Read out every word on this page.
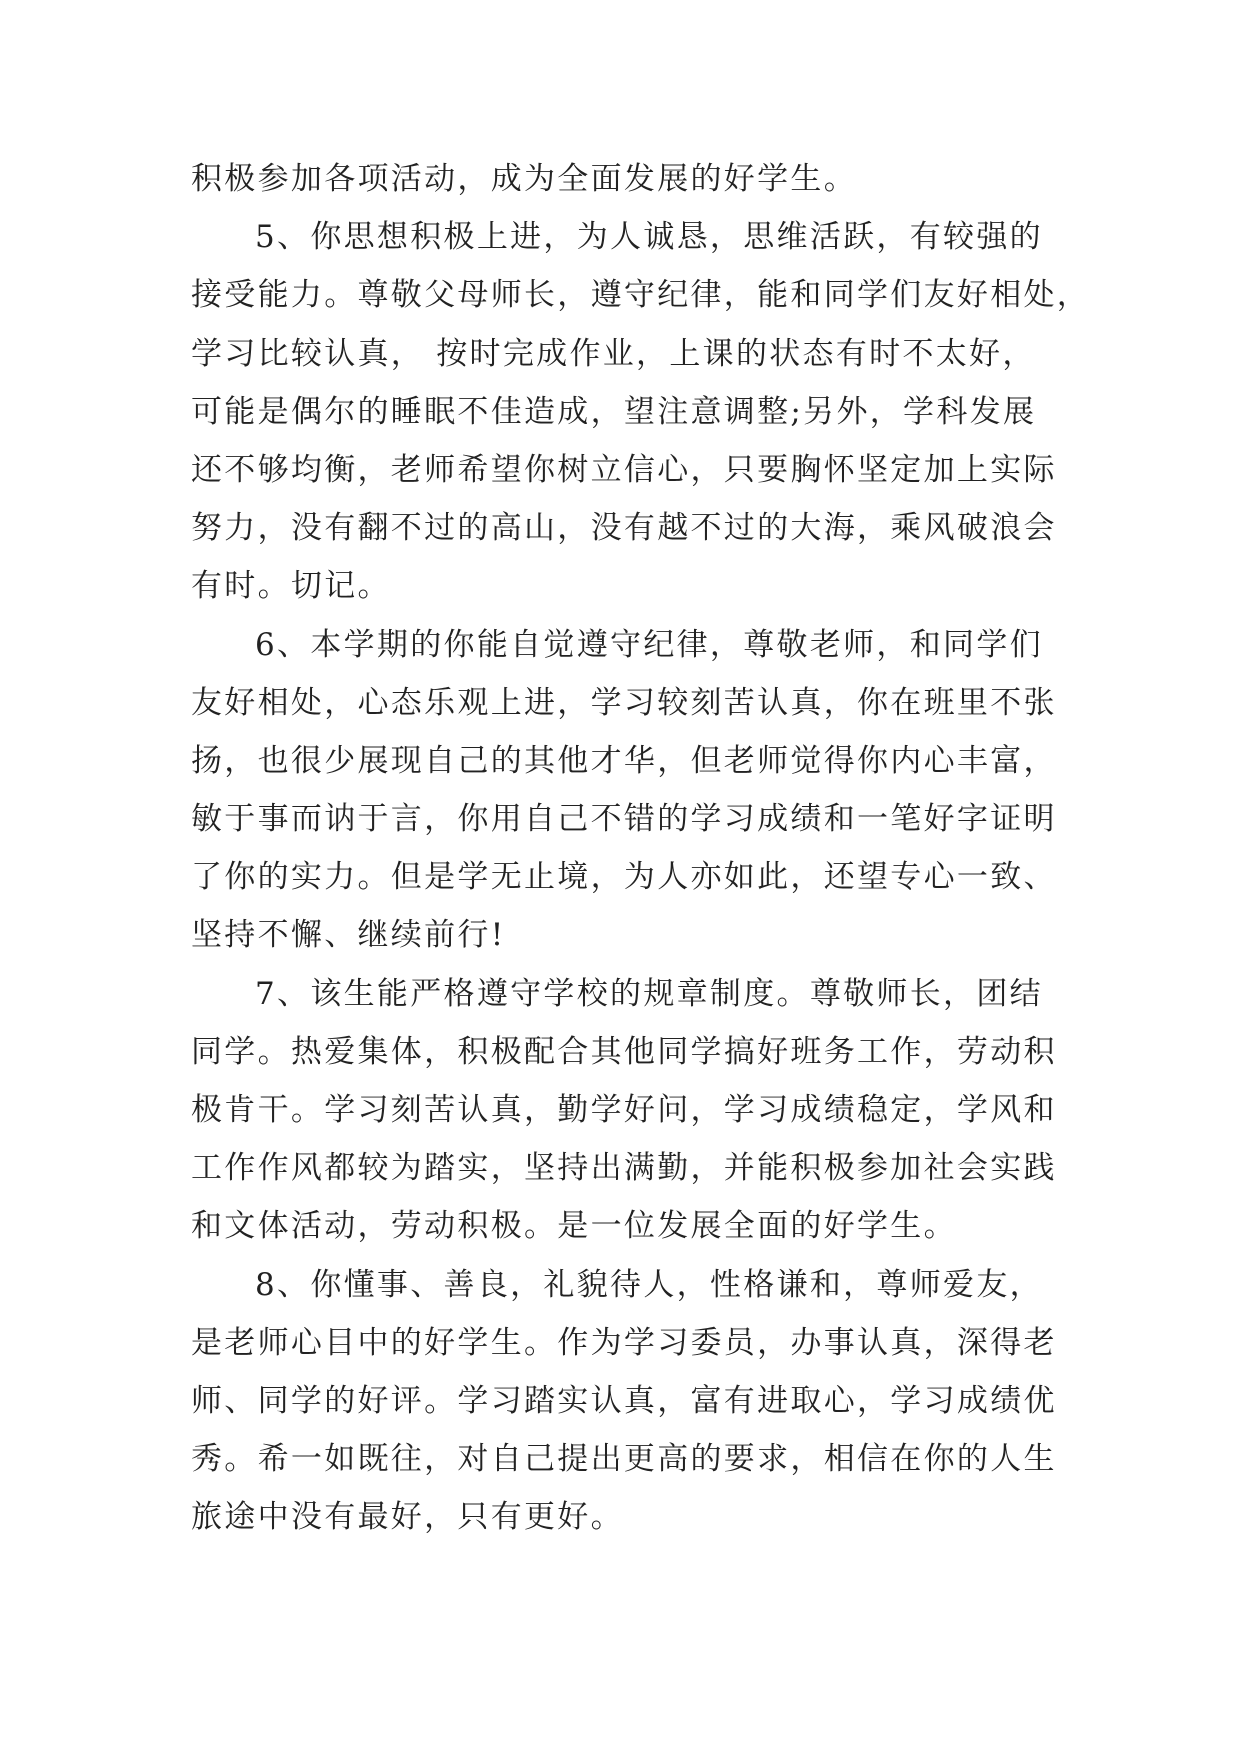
积极参加各项活动，成为全面发展的好学生。
5、你思想积极上进，为人诚恳，思维活跃，有较强的
接受能力。尊敬父母师长，遵守纪律，能和同学们友好相处，
学习比较认真， 按时完成作业，上课的状态有时不太好，
可能是偶尔的睡眠不佳造成，望注意调整;另外，学科发展
还不够均衡，老师希望你树立信心，只要胸怀坚定加上实际
努力，没有翻不过的高山，没有越不过的大海，乘风破浪会
有时。切记。
6、本学期的你能自觉遵守纪律，尊敬老师，和同学们
友好相处，心态乐观上进，学习较刻苦认真，你在班里不张
扬，也很少展现自己的其他才华，但老师觉得你内心丰富，
敏于事而讷于言，你用自己不错的学习成绩和一笔好字证明
了你的实力。但是学无止境，为人亦如此，还望专心一致、
坚持不懈、继续前行!
7、该生能严格遵守学校的规章制度。尊敬师长，团结
同学。热爱集体，积极配合其他同学搞好班务工作，劳动积
极肯干。学习刻苦认真，勤学好问，学习成绩稳定，学风和
工作作风都较为踏实，坚持出满勤，并能积极参加社会实践
和文体活动，劳动积极。是一位发展全面的好学生。
8、你懂事、善良，礼貌待人，性格谦和，尊师爱友，
是老师心目中的好学生。作为学习委员，办事认真，深得老
师、同学的好评。学习踏实认真，富有进取心，学习成绩优
秀。希一如既往，对自己提出更高的要求，相信在你的人生
旅途中没有最好，只有更好。
